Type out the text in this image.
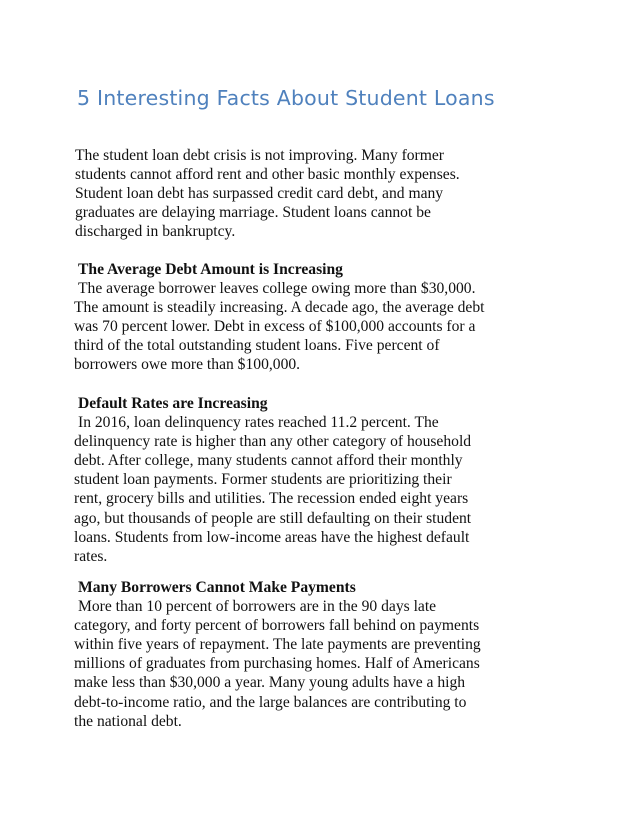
5 Interesting Facts About Student Loans

The student loan debt crisis is not improving. Many former
students cannot afford rent and other basic monthly expenses.
Student loan debt has surpassed credit card debt, and many
graduates are delaying marriage. Student loans cannot be
discharged in bankruptcy.

The Average Debt Amount is Increasing

The average borrower leaves college owing more than $30,000.
The amount is steadily increasing. A decade ago, the average debt
was 70 percent lower. Debt in excess of $100,000 accounts for a
third of the total outstanding student loans. Five percent of
borrowers owe more than $100,000.

Default Rates are Increasing

In 2016, loan delinquency rates reached 11.2 percent. The
delinquency rate is higher than any other category of household
debt. After college, many students cannot afford their monthly
student loan payments. Former students are prioritizing their
rent, grocery bills and utilities. The recession ended eight years
ago, but thousands of people are still defaulting on their student
loans. Students from low-income areas have the highest default
rates.

Many Borrowers Cannot Make Payments

More than 10 percent of borrowers are in the 90 days late
category, and forty percent of borrowers fall behind on payments
within five years of repayment. The late payments are preventing
millions of graduates from purchasing homes. Half of Americans
make less than $30,000 a year. Many young adults have a high
debt-to-income ratio, and the large balances are contributing to
the national debt.
